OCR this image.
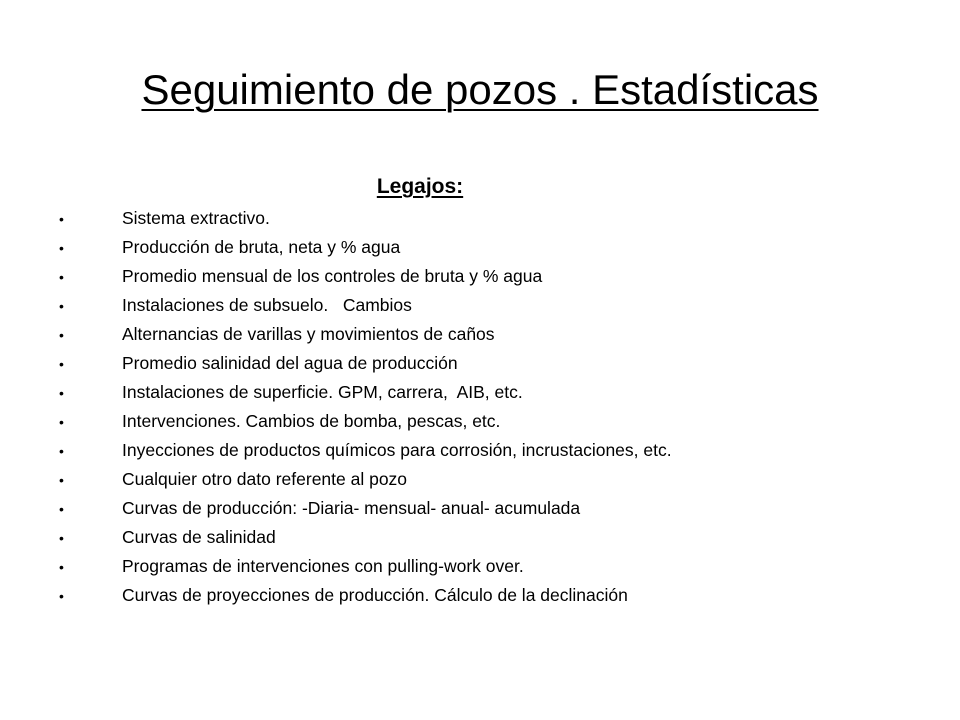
Seguimiento de pozos . Estadísticas
Legajos:
•	Sistema extractivo.
•	Producción de bruta, neta y % agua
•	Promedio mensual de los controles de bruta y % agua
•	Instalaciones de subsuelo.   Cambios
•	Alternancias de varillas y movimientos de caños
•	Promedio salinidad del agua de producción
•	Instalaciones de superficie. GPM, carrera,  AIB, etc.
•	Intervenciones. Cambios de bomba, pescas, etc.
•	Inyecciones de productos químicos para corrosión, incrustaciones, etc.
•	Cualquier otro dato referente al pozo
•	Curvas de producción: -Diaria- mensual- anual- acumulada
•	Curvas de salinidad
•	Programas de intervenciones con pulling-work over.
•	Curvas de proyecciones de producción. Cálculo de la declinación
